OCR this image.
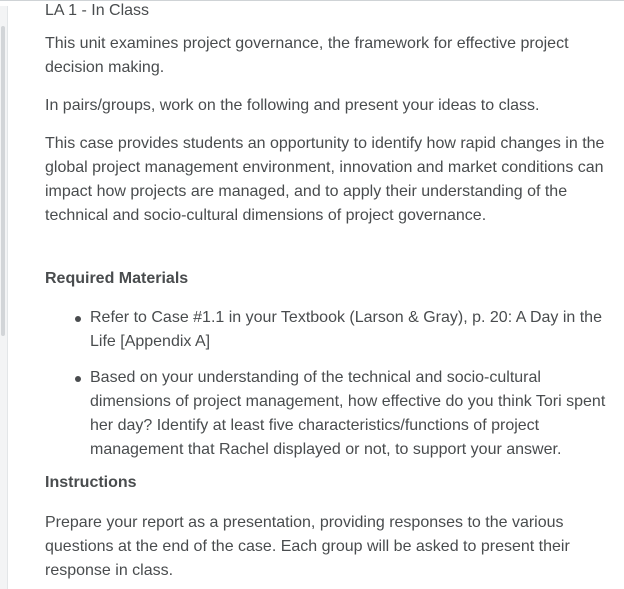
LA 1 - In Class

This unit examines project governance, the framework for effective project decision making.

In pairs/groups, work on the following and present your ideas to class.

This case provides students an opportunity to identify how rapid changes in the global project management environment, innovation and market conditions can impact how projects are managed, and to apply their understanding of the technical and socio-cultural dimensions of project governance.

Required Materials
Refer to Case #1.1 in your Textbook (Larson & Gray), p. 20: A Day in the Life [Appendix A]
Based on your understanding of the technical and socio-cultural dimensions of project management, how effective do you think Tori spent her day? Identify at least five characteristics/functions of project management that Rachel displayed or not, to support your answer.
Instructions

Prepare your report as a presentation, providing responses to the various questions at the end of the case. Each group will be asked to present their response in class.
